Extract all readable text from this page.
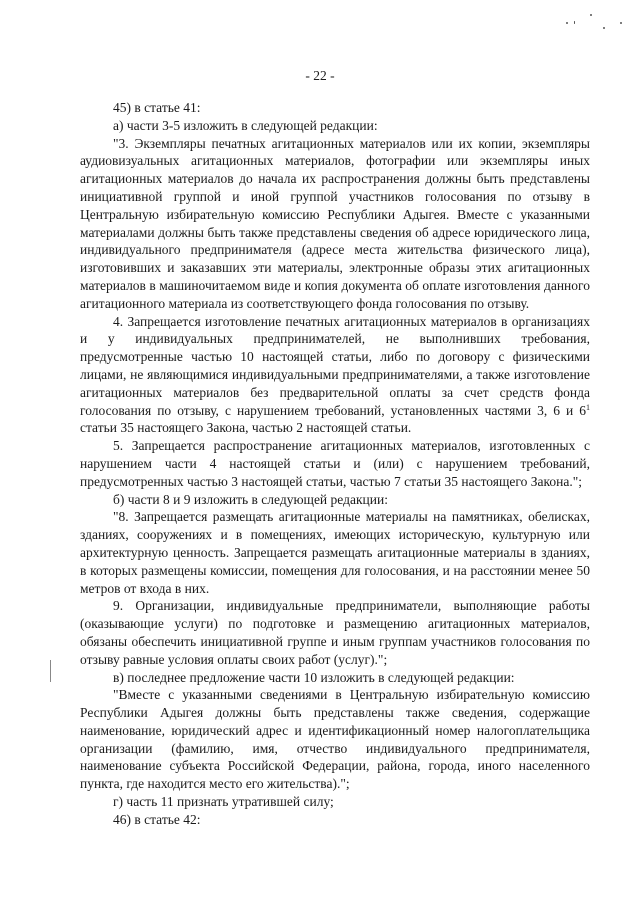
- 22 -

45) в статье 41:

а) части 3-5 изложить в следующей редакции:

"3. Экземпляры печатных агитационных материалов или их копии, экземпляры аудиовизуальных агитационных материалов, фотографии или экземпляры иных агитационных материалов до начала их распространения должны быть представлены инициативной группой и иной группой участников голосования по отзыву в Центральную избирательную комиссию Республики Адыгея. Вместе с указанными материалами должны быть также представлены сведения об адресе юридического лица, индивидуального предпринимателя (адресе места жительства физического лица), изготовивших и заказавших эти материалы, электронные образы этих агитационных материалов в машиночитаемом виде и копия документа об оплате изготовления данного агитационного материала из соответствующего фонда голосования по отзыву.

4. Запрещается изготовление печатных агитационных материалов в организациях и у индивидуальных предпринимателей, не выполнивших требования, предусмотренные частью 10 настоящей статьи, либо по договору с физическими лицами, не являющимися индивидуальными предпринимателями, а также изготовление агитационных материалов без предварительной оплаты за счет средств фонда голосования по отзыву, с нарушением требований, установленных частями 3, 6 и $6^1$ статьи 35 настоящего Закона, частью 2 настоящей статьи.

5. Запрещается распространение агитационных материалов, изготовленных с нарушением части 4 настоящей статьи и (или) с нарушением требований, предусмотренных частью 3 настоящей статьи, частью 7 статьи 35 настоящего Закона.";

б) части 8 и 9 изложить в следующей редакции:

"8. Запрещается размещать агитационные материалы на памятниках, обелисках, зданиях, сооружениях и в помещениях, имеющих историческую, культурную или архитектурную ценность. Запрещается размещать агитационные материалы в зданиях, в которых размещены комиссии, помещения для голосования, и на расстоянии менее 50 метров от входа в них.

9. Организации, индивидуальные предприниматели, выполняющие работы (оказывающие услуги) по подготовке и размещению агитационных материалов, обязаны обеспечить инициативной группе и иным группам участников голосования по отзыву равные условия оплаты своих работ (услуг).";

в) последнее предложение части 10 изложить в следующей редакции:

"Вместе с указанными сведениями в Центральную избирательную комиссию Республики Адыгея должны быть представлены также сведения, содержащие наименование, юридический адрес и идентификационный номер налогоплательщика организации (фамилию, имя, отчество индивидуального предпринимателя, наименование субъекта Российской Федерации, района, города, иного населенного пункта, где находится место его жительства).";

г) часть 11 признать утратившей силу;

46) в статье 42:
